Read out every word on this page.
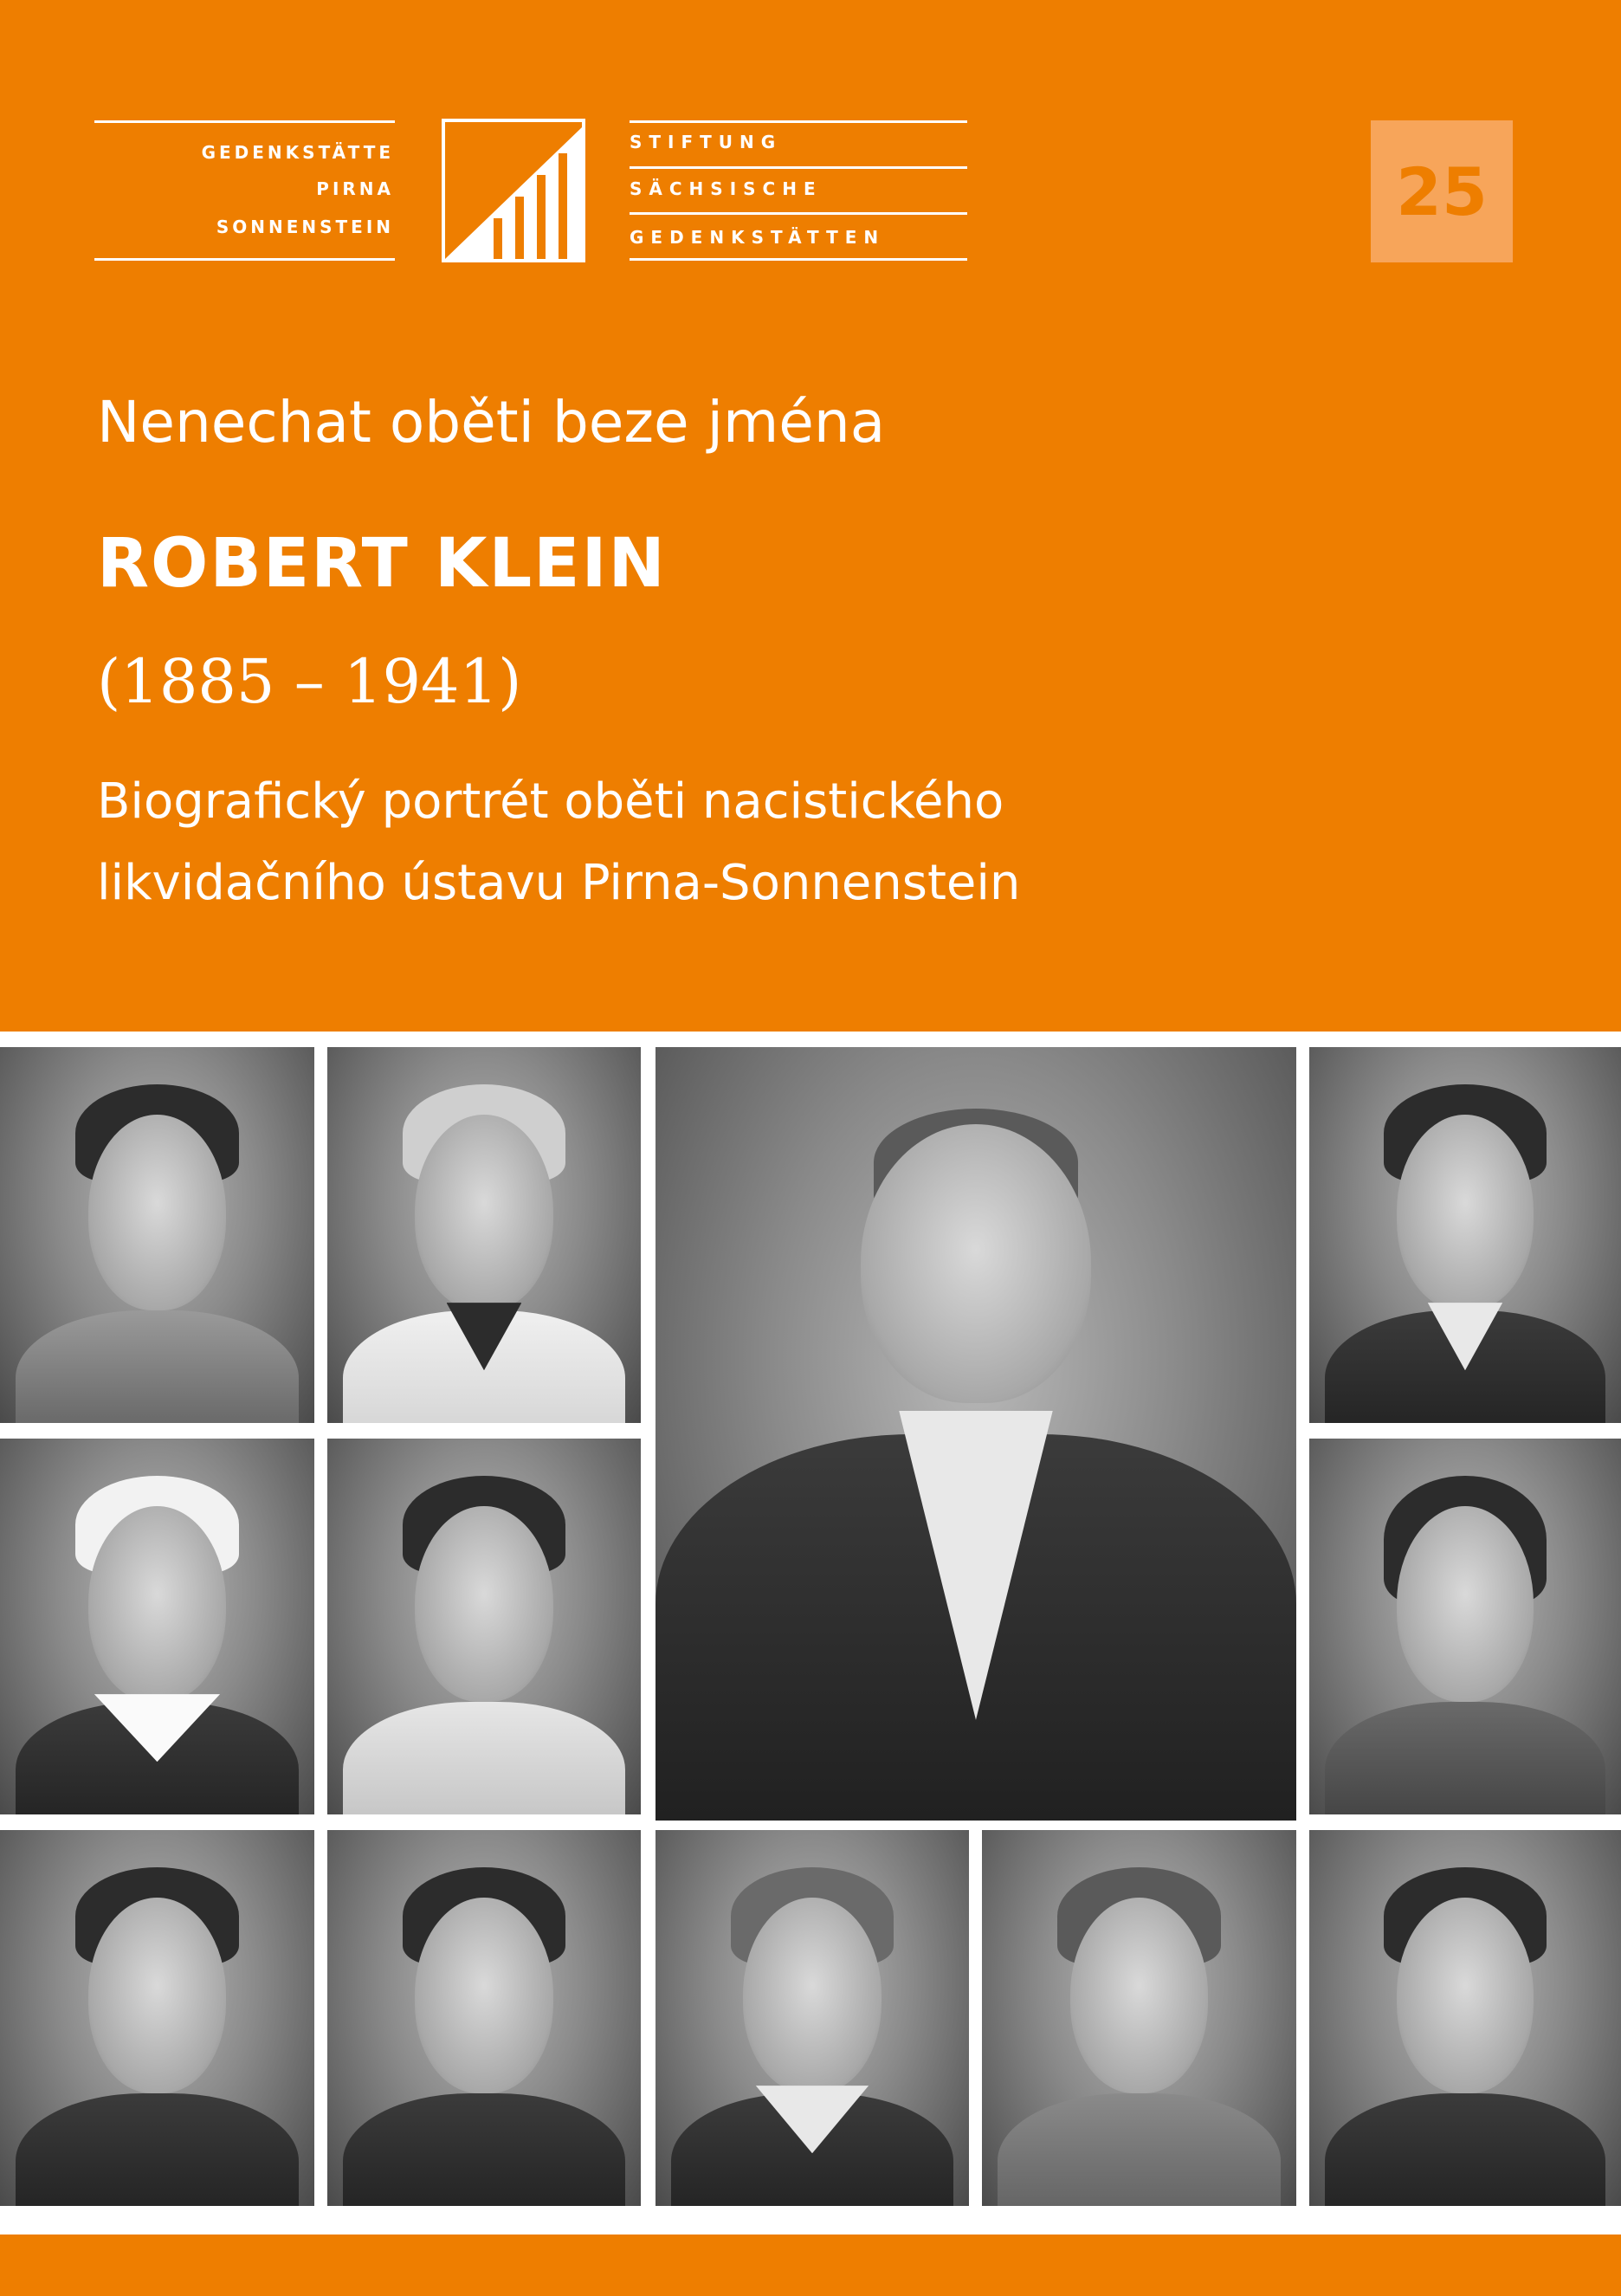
GEDENKSTÄTTE
PIRNA
SONNENSTEIN
STIFTUNG
SÄCHSISCHE
GEDENKSTÄTTEN
25
Nenechat oběti beze jména
ROBERT KLEIN
(1885 – 1941)
Biografický portrét oběti nacistického
likvidačního ústavu Pirna-Sonnenstein
